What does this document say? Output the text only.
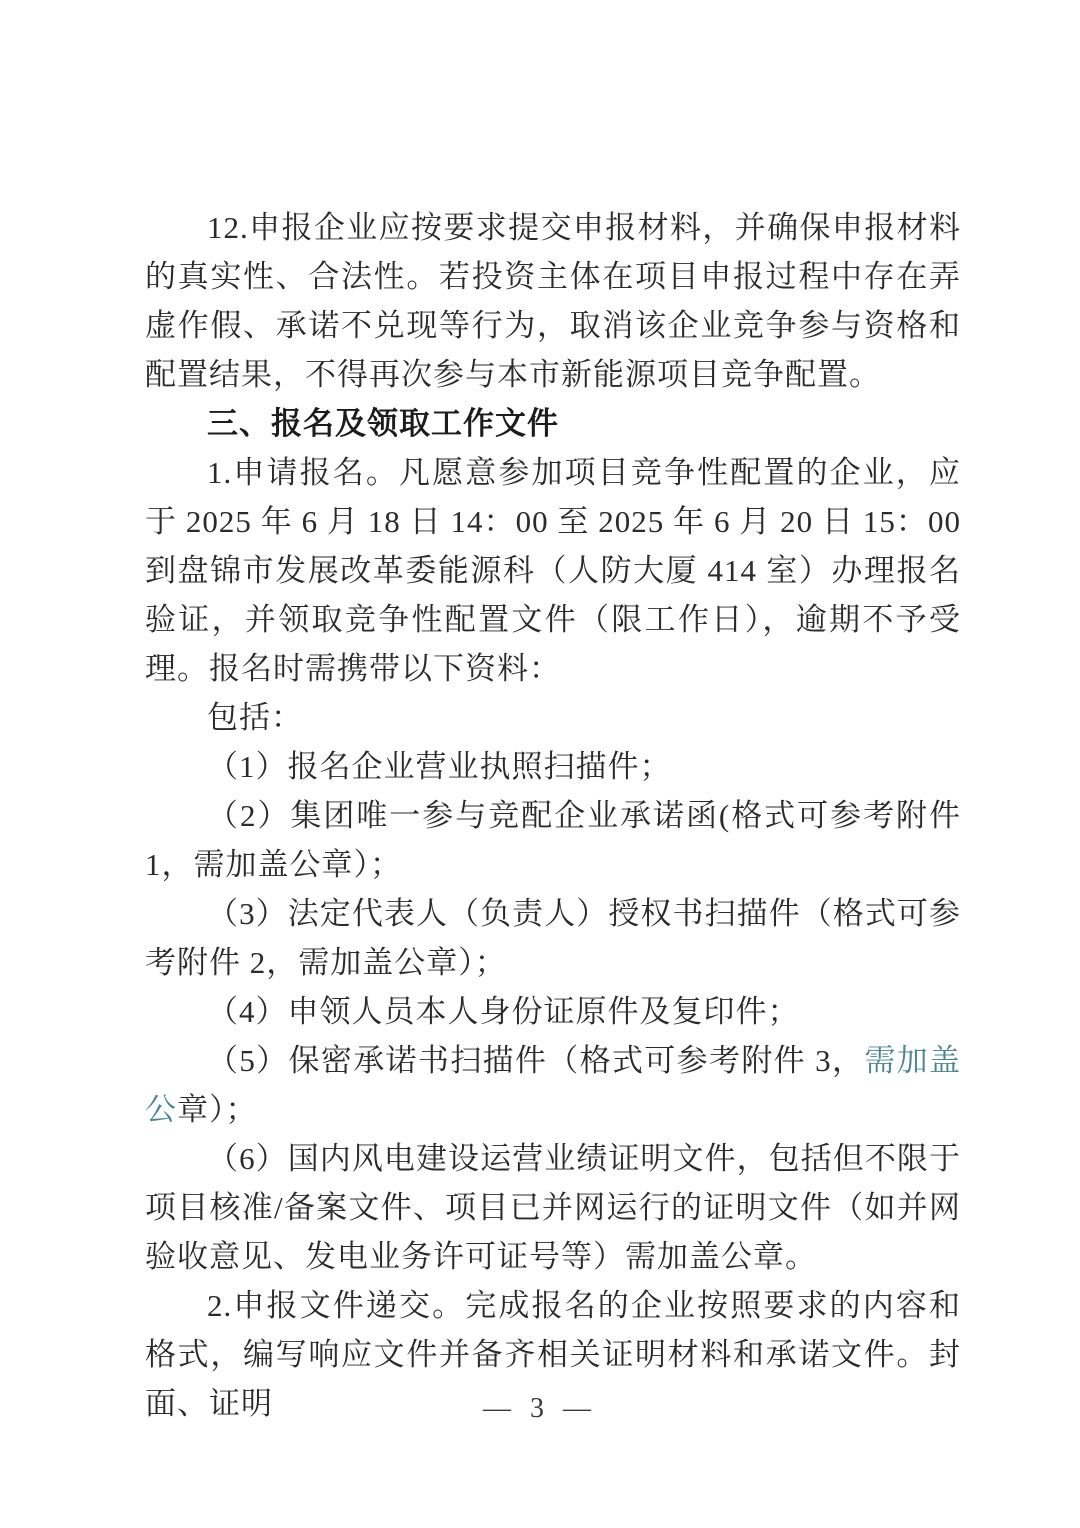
12.申报企业应按要求提交申报材料，并确保申报材料的真实性、合法性。若投资主体在项目申报过程中存在弄虚作假、承诺不兑现等行为，取消该企业竞争参与资格和配置结果，不得再次参与本市新能源项目竞争配置。

三、报名及领取工作文件

1.申请报名。凡愿意参加项目竞争性配置的企业，应于 2025 年 6 月 18 日 14：00 至 2025 年 6 月 20 日 15：00 到盘锦市发展改革委能源科（人防大厦 414 室）办理报名验证，并领取竞争性配置文件（限工作日），逾期不予受理。报名时需携带以下资料：

包括：

（1）报名企业营业执照扫描件；

（2）集团唯一参与竞配企业承诺函(格式可参考附件 1，需加盖公章）；

（3）法定代表人（负责人）授权书扫描件（格式可参考附件 2，需加盖公章）；

（4）申领人员本人身份证原件及复印件；

（5）保密承诺书扫描件（格式可参考附件 3，需加盖公章）；

（6）国内风电建设运营业绩证明文件，包括但不限于项目核准/备案文件、项目已并网运行的证明文件（如并网验收意见、发电业务许可证号等）需加盖公章。

2.申报文件递交。完成报名的企业按照要求的内容和格式，编写响应文件并备齐相关证明材料和承诺文件。封面、证明	— 3 —
